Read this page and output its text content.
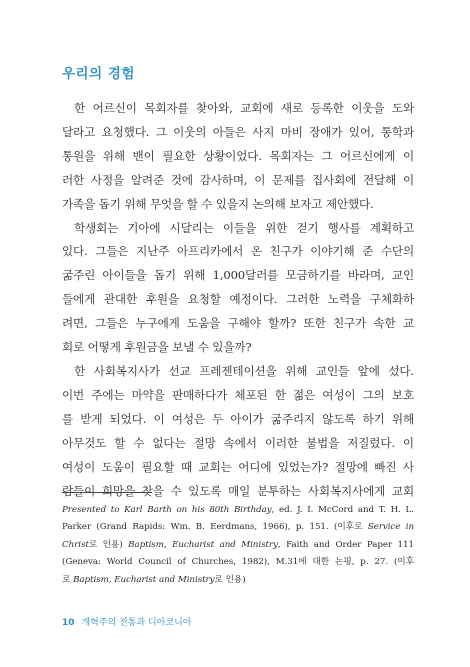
우리의 경험
한 어르신이 목회자를 찾아와, 교회에 새로 등록한 이웃을 도와
달라고 요청했다. 그 이웃의 아들은 사지 마비 장애가 있어, 통학과
통원을 위해 밴이 필요한 상황이었다. 목회자는 그 어르신에게 이
러한 사정을 알려준 것에 감사하며, 이 문제를 집사회에 전달해 이
가족을 돕기 위해 무엇을 할 수 있을지 논의해 보자고 제안했다.
학생회는 기아에 시달리는 이들을 위한 걷기 행사를 계획하고
있다. 그들은 지난주 아프리카에서 온 친구가 이야기해 준 수단의
굶주린 아이들을 돕기 위해 1,000달러를 모금하기를 바라며, 교인
들에게 관대한 후원을 요청할 예정이다. 그러한 노력을 구체화하
려면, 그들은 누구에게 도움을 구해야 할까? 또한 친구가 속한 교
회로 어떻게 후원금을 보낼 수 있을까?
한 사회복지사가 선교 프레젠테이션을 위해 교인들 앞에 섰다.
이번 주에는 마약을 판매하다가 체포된 한 젊은 여성이 그의 보호
를 받게 되었다. 이 여성은 두 아이가 굶주리지 않도록 하기 위해
아무것도 할 수 없다는 절망 속에서 이러한 불법을 저질렀다. 이
여성이 도움이 필요할 때 교회는 어디에 있었는가? 절망에 빠진 사
람들이 희망을 찾을 수 있도록 매일 분투하는 사회복지사에게 교회
Presented to Karl Barth on his 80th Birthday, ed. J. I. McCord and T. H. L.
Parker (Grand Rapids: Wm. B. Eerdmans, 1966), p. 151. (이후로 Service in
Christ로 인용) Baptism, Eucharist and Ministry, Faith and Order Paper 111
(Geneva: World Council of Churches, 1982), M.31에 대한 논평, p. 27. (이후
로 Baptism, Eucharist and Ministry로 인용)
10 개혁주의 전통과 디아코니아
